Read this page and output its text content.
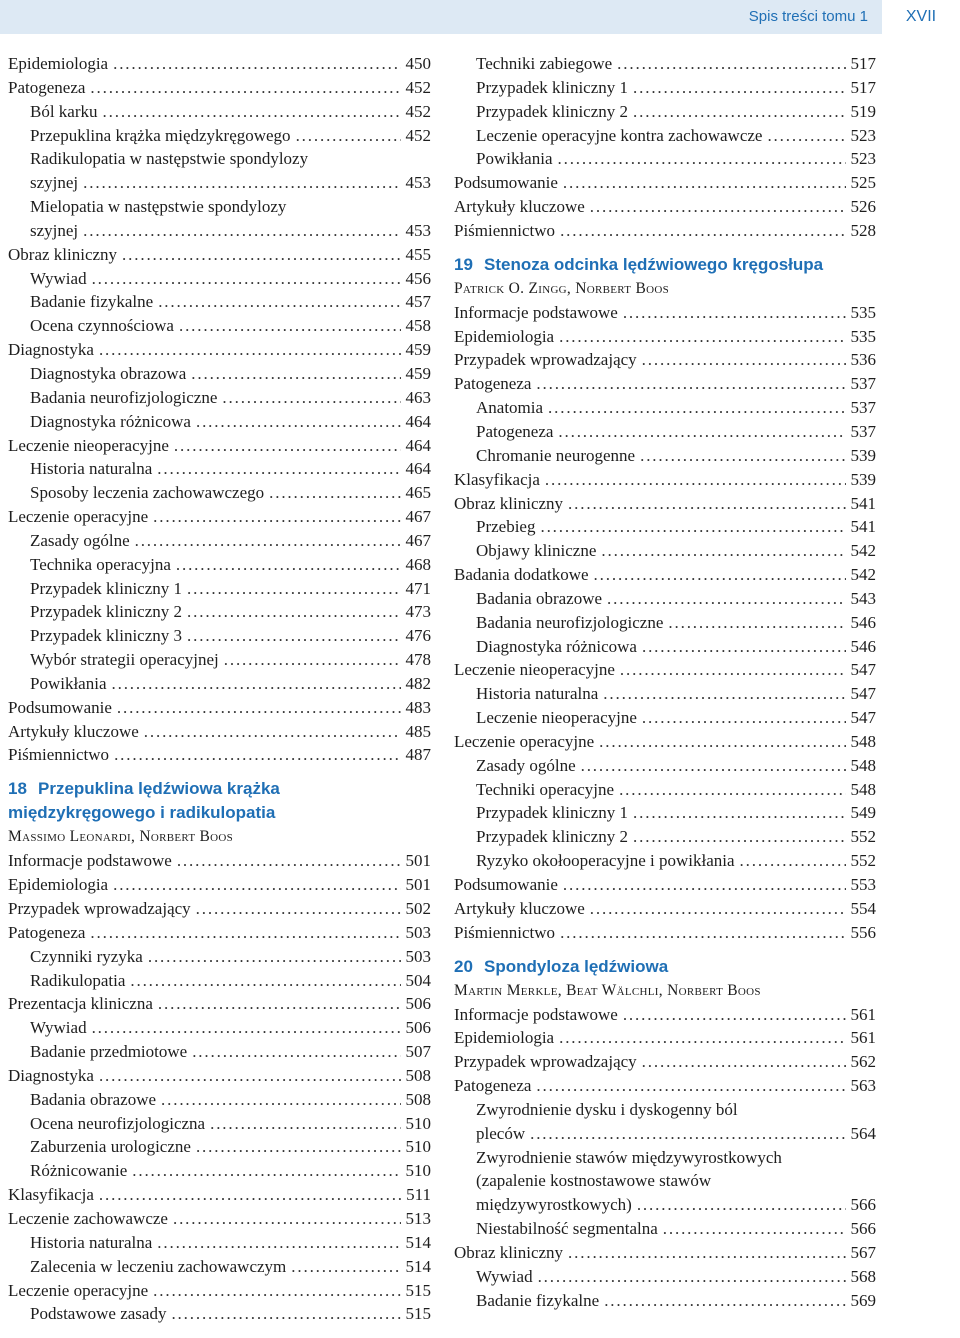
Spis treści tomu 1	XVII
Epidemiologia . . .	450
Patogeneza . . .	452
Ból karku . . .	452
Przepuklina krążka międzykręgowego . . .	452
Radikulopatia w następstwie spondylozy
szyjnej . . .	453
Mielopatia w następstwie spondylozy
szyjnej . . .	453
Obraz kliniczny . . .	455
Wywiad . . .	456
Badanie fizykalne . . .	457
Ocena czynnościowa . . .	458
Diagnostyka . . .	459
Diagnostyka obrazowa . . .	459
Badania neurofizjologiczne . . .	463
Diagnostyka różnicowa . . .	464
Leczenie nieoperacyjne . . .	464
Historia naturalna . . .	464
Sposoby leczenia zachowawczego . . .	465
Leczenie operacyjne . . .	467
Zasady ogólne . . .	467
Technika operacyjna . . .	468
Przypadek kliniczny 1 . . .	471
Przypadek kliniczny 2 . . .	473
Przypadek kliniczny 3 . . .	476
Wybór strategii operacyjnej . . .	478
Powikłania . . .	482
Podsumowanie . . .	483
Artykuły kluczowe . . .	485
Piśmiennictwo . . .	487
18 Przepuklina lędźwiowa krążka
międzykręgowego i radikulopatia
Massimo Leonardi, Norbert Boos
Informacje podstawowe . . .	501
Epidemiologia . . .	501
Przypadek wprowadzający . . .	502
Patogeneza . . .	503
Czynniki ryzyka . . .	503
Radikulopatia . . .	504
Prezentacja kliniczna . . .	506
Wywiad . . .	506
Badanie przedmiotowe . . .	507
Diagnostyka . . .	508
Badania obrazowe . . .	508
Ocena neurofizjologiczna . . .	510
Zaburzenia urologiczne . . .	510
Różnicowanie . . .	510
Klasyfikacja . . .	511
Leczenie zachowawcze . . .	513
Historia naturalna . . .	514
Zalecenia w leczeniu zachowawczym . . .	514
Leczenie operacyjne . . .	515
Podstawowe zasady . . .	515
Techniki zabiegowe . . .	517
Przypadek kliniczny 1 . . .	517
Przypadek kliniczny 2 . . .	519
Leczenie operacyjne kontra zachowawcze . . .	523
Powikłania . . .	523
Podsumowanie . . .	525
Artykuły kluczowe . . .	526
Piśmiennictwo . . .	528
19 Stenoza odcinka lędźwiowego kręgosłupa
Patrick O. Zingg, Norbert Boos
Informacje podstawowe . . .	535
Epidemiologia . . .	535
Przypadek wprowadzający . . .	536
Patogeneza . . .	537
Anatomia . . .	537
Patogeneza . . .	537
Chromanie neurogenne . . .	539
Klasyfikacja . . .	539
Obraz kliniczny . . .	541
Przebieg . . .	541
Objawy kliniczne . . .	542
Badania dodatkowe . . .	542
Badania obrazowe . . .	543
Badania neurofizjologiczne . . .	546
Diagnostyka różnicowa . . .	546
Leczenie nieoperacyjne . . .	547
Historia naturalna . . .	547
Leczenie nieoperacyjne . . .	547
Leczenie operacyjne . . .	548
Zasady ogólne . . .	548
Techniki operacyjne . . .	548
Przypadek kliniczny 1 . . .	549
Przypadek kliniczny 2 . . .	552
Ryzyko okołooperacyjne i powikłania . . .	552
Podsumowanie . . .	553
Artykuły kluczowe . . .	554
Piśmiennictwo . . .	556
20 Spondyloza lędźwiowa
Martin Merkle, Beat Wälchli, Norbert Boos
Informacje podstawowe . . .	561
Epidemiologia . . .	561
Przypadek wprowadzający . . .	562
Patogeneza . . .	563
Zwyrodnienie dysku i dyskogenny ból
pleców . . .	564
Zwyrodnienie stawów międzywyrostkowych
(zapalenie kostnostawowe stawów
międzywyrostkowych) . . .	566
Niestabilność segmentalna . . .	566
Obraz kliniczny . . .	567
Wywiad . . .	568
Badanie fizykalne . . .	569
